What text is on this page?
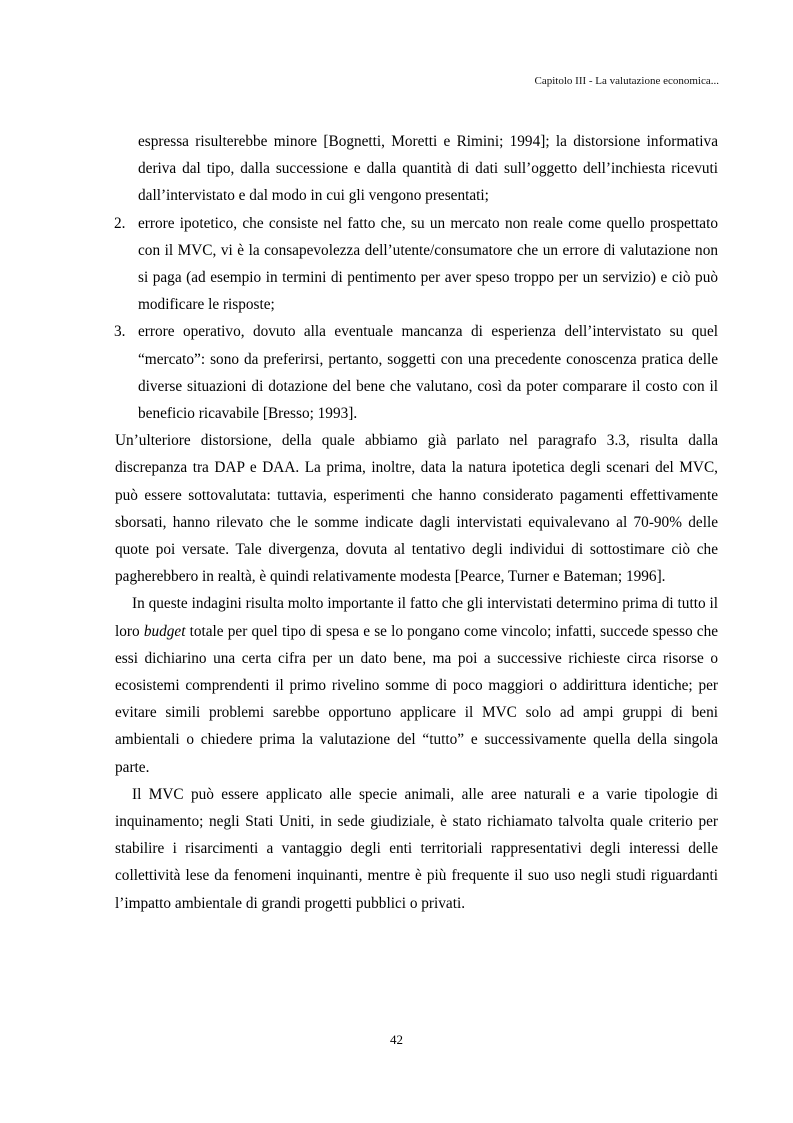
Capitolo III - La valutazione economica...

espressa risulterebbe minore [Bognetti, Moretti e Rimini; 1994]; la distorsione informativa deriva dal tipo, dalla successione e dalla quantità di dati sull’oggetto dell’inchiesta ricevuti dall’intervistato e dal modo in cui gli vengono presentati;

2. errore ipotetico, che consiste nel fatto che, su un mercato non reale come quello prospettato con il MVC, vi è la consapevolezza dell’utente/consumatore che un errore di valutazione non si paga (ad esempio in termini di pentimento per aver speso troppo per un servizio) e ciò può modificare le risposte;
3. errore operativo, dovuto alla eventuale mancanza di esperienza dell’intervistato su quel “mercato”: sono da preferirsi, pertanto, soggetti con una precedente conoscenza pratica delle diverse situazioni di dotazione del bene che valutano, così da poter comparare il costo con il beneficio ricavabile [Bresso; 1993].

Un’ulteriore distorsione, della quale abbiamo già parlato nel paragrafo 3.3, risulta dalla discrepanza tra DAP e DAA. La prima, inoltre, data la natura ipotetica degli scenari del MVC, può essere sottovalutata: tuttavia, esperimenti che hanno considerato pagamenti effettivamente sborsati, hanno rilevato che le somme indicate dagli intervistati equivalevano al 70-90% delle quote poi versate. Tale divergenza, dovuta al tentativo degli individui di sottostimare ciò che pagherebbero in realtà, è quindi relativamente modesta [Pearce, Turner e Bateman; 1996].

In queste indagini risulta molto importante il fatto che gli intervistati determino prima di tutto il loro budget totale per quel tipo di spesa e se lo pongano come vincolo; infatti, succede spesso che essi dichiarino una certa cifra per un dato bene, ma poi a successive richieste circa risorse o ecosistemi comprendenti il primo rivelino somme di poco maggiori o addirittura identiche; per evitare simili problemi sarebbe opportuno applicare il MVC solo ad ampi gruppi di beni ambientali o chiedere prima la valutazione del “tutto” e successivamente quella della singola parte.

Il MVC può essere applicato alle specie animali, alle aree naturali e a varie tipologie di inquinamento; negli Stati Uniti, in sede giudiziale, è stato richiamato talvolta quale criterio per stabilire i risarcimenti a vantaggio degli enti territoriali rappresentativi degli interessi delle collettività lese da fenomeni inquinanti, mentre è più frequente il suo uso negli studi riguardanti l’impatto ambientale di grandi progetti pubblici o privati.

42
